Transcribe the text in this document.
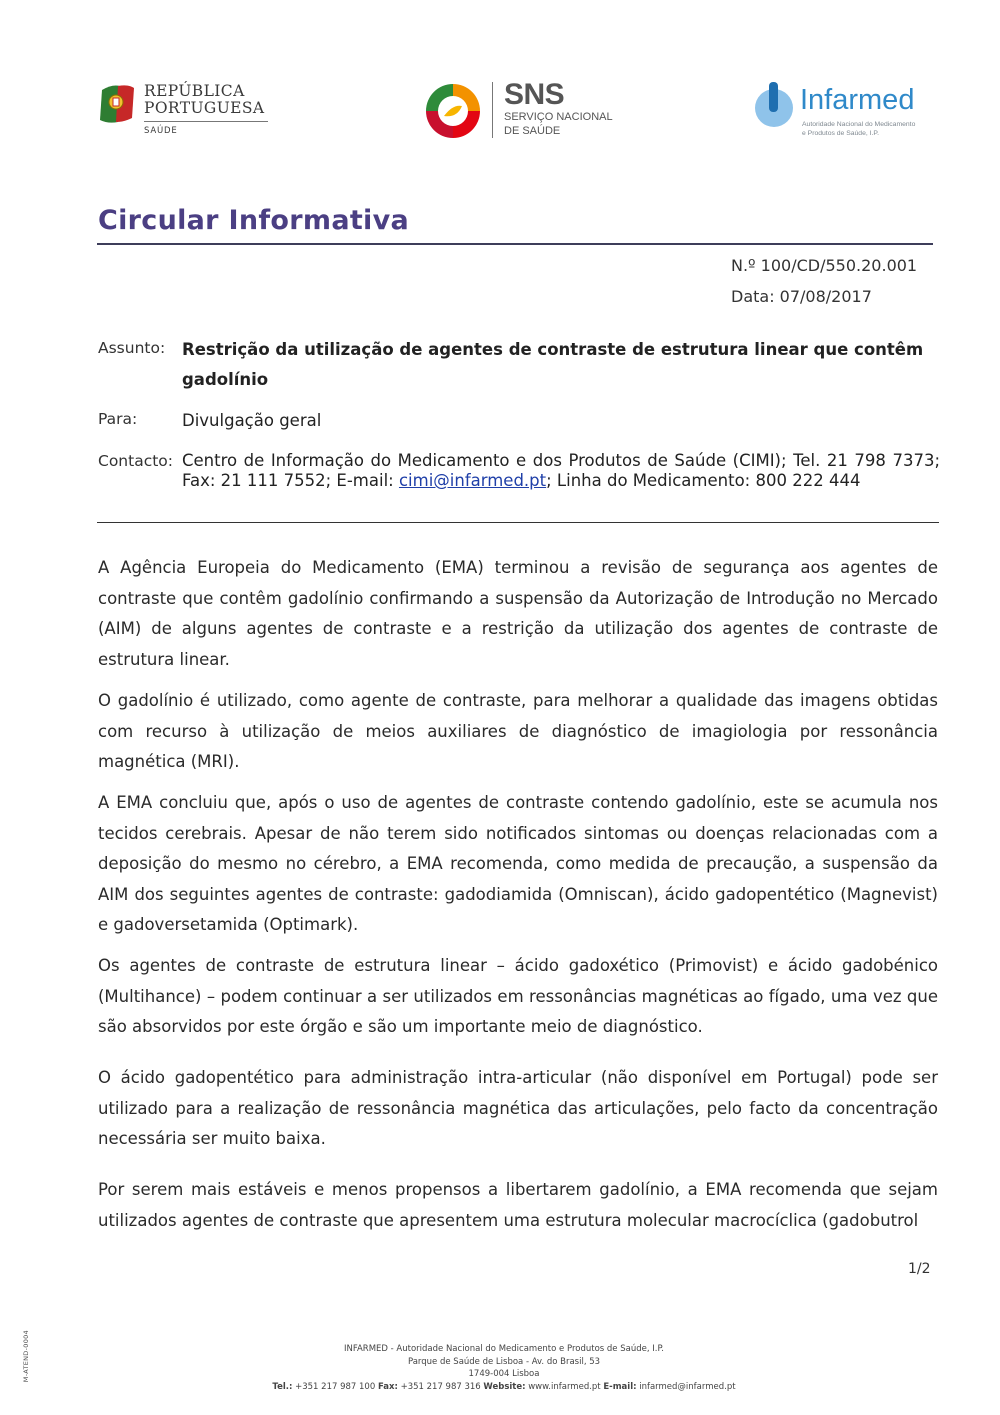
REPÚBLICA
PORTUGUESA
SAÚDE
SNS
SERVIÇO NACIONAL
DE SAÚDE
Infarmed
Autoridade Nacional do Medicamento
e Produtos de Saúde, I.P.
Circular Informativa
N.º 100/CD/550.20.001
Data: 07/08/2017
Assunto: Restrição da utilização de agentes de contraste de estrutura linear que contêm gadolínio
Para:	Divulgação geral
Contacto: Centro de Informação do Medicamento e dos Produtos de Saúde (CIMI); Tel. 21 798 7373; Fax: 21 111 7552; E-mail: cimi@infarmed.pt; Linha do Medicamento: 800 222 444

A Agência Europeia do Medicamento (EMA) terminou a revisão de segurança aos agentes de contraste que contêm gadolínio confirmando a suspensão da Autorização de Introdução no Mercado (AIM) de alguns agentes de contraste e a restrição da utilização dos agentes de contraste de estrutura linear.

O gadolínio é utilizado, como agente de contraste, para melhorar a qualidade das imagens obtidas com recurso à utilização de meios auxiliares de diagnóstico de imagiologia por ressonância magnética (MRI).

A EMA concluiu que, após o uso de agentes de contraste contendo gadolínio, este se acumula nos tecidos cerebrais. Apesar de não terem sido notificados sintomas ou doenças relacionadas com a deposição do mesmo no cérebro, a EMA recomenda, como medida de precaução, a suspensão da AIM dos seguintes agentes de contraste: gadodiamida (Omniscan), ácido gadopentético (Magnevist) e gadoversetamida (Optimark).

Os agentes de contraste de estrutura linear – ácido gadoxético (Primovist) e ácido gadobénico (Multihance) – podem continuar a ser utilizados em ressonâncias magnéticas ao fígado, uma vez que são absorvidos por este órgão e são um importante meio de diagnóstico.

O ácido gadopentético para administração intra-articular (não disponível em Portugal) pode ser utilizado para a realização de ressonância magnética das articulações, pelo facto da concentração necessária ser muito baixa.

Por serem mais estáveis e menos propensos a libertarem gadolínio, a EMA recomenda que sejam utilizados agentes de contraste que apresentem uma estrutura molecular macrocíclica (gadobutrol

1/2
M-ATEND-0004	INFARMED - Autoridade Nacional do Medicamento e Produtos de Saúde, I.P.
Parque de Saúde de Lisboa - Av. do Brasil, 53
1749-004 Lisboa
Tel.: +351 217 987 100 Fax: +351 217 987 316 Website: www.infarmed.pt E-mail: infarmed@infarmed.pt
